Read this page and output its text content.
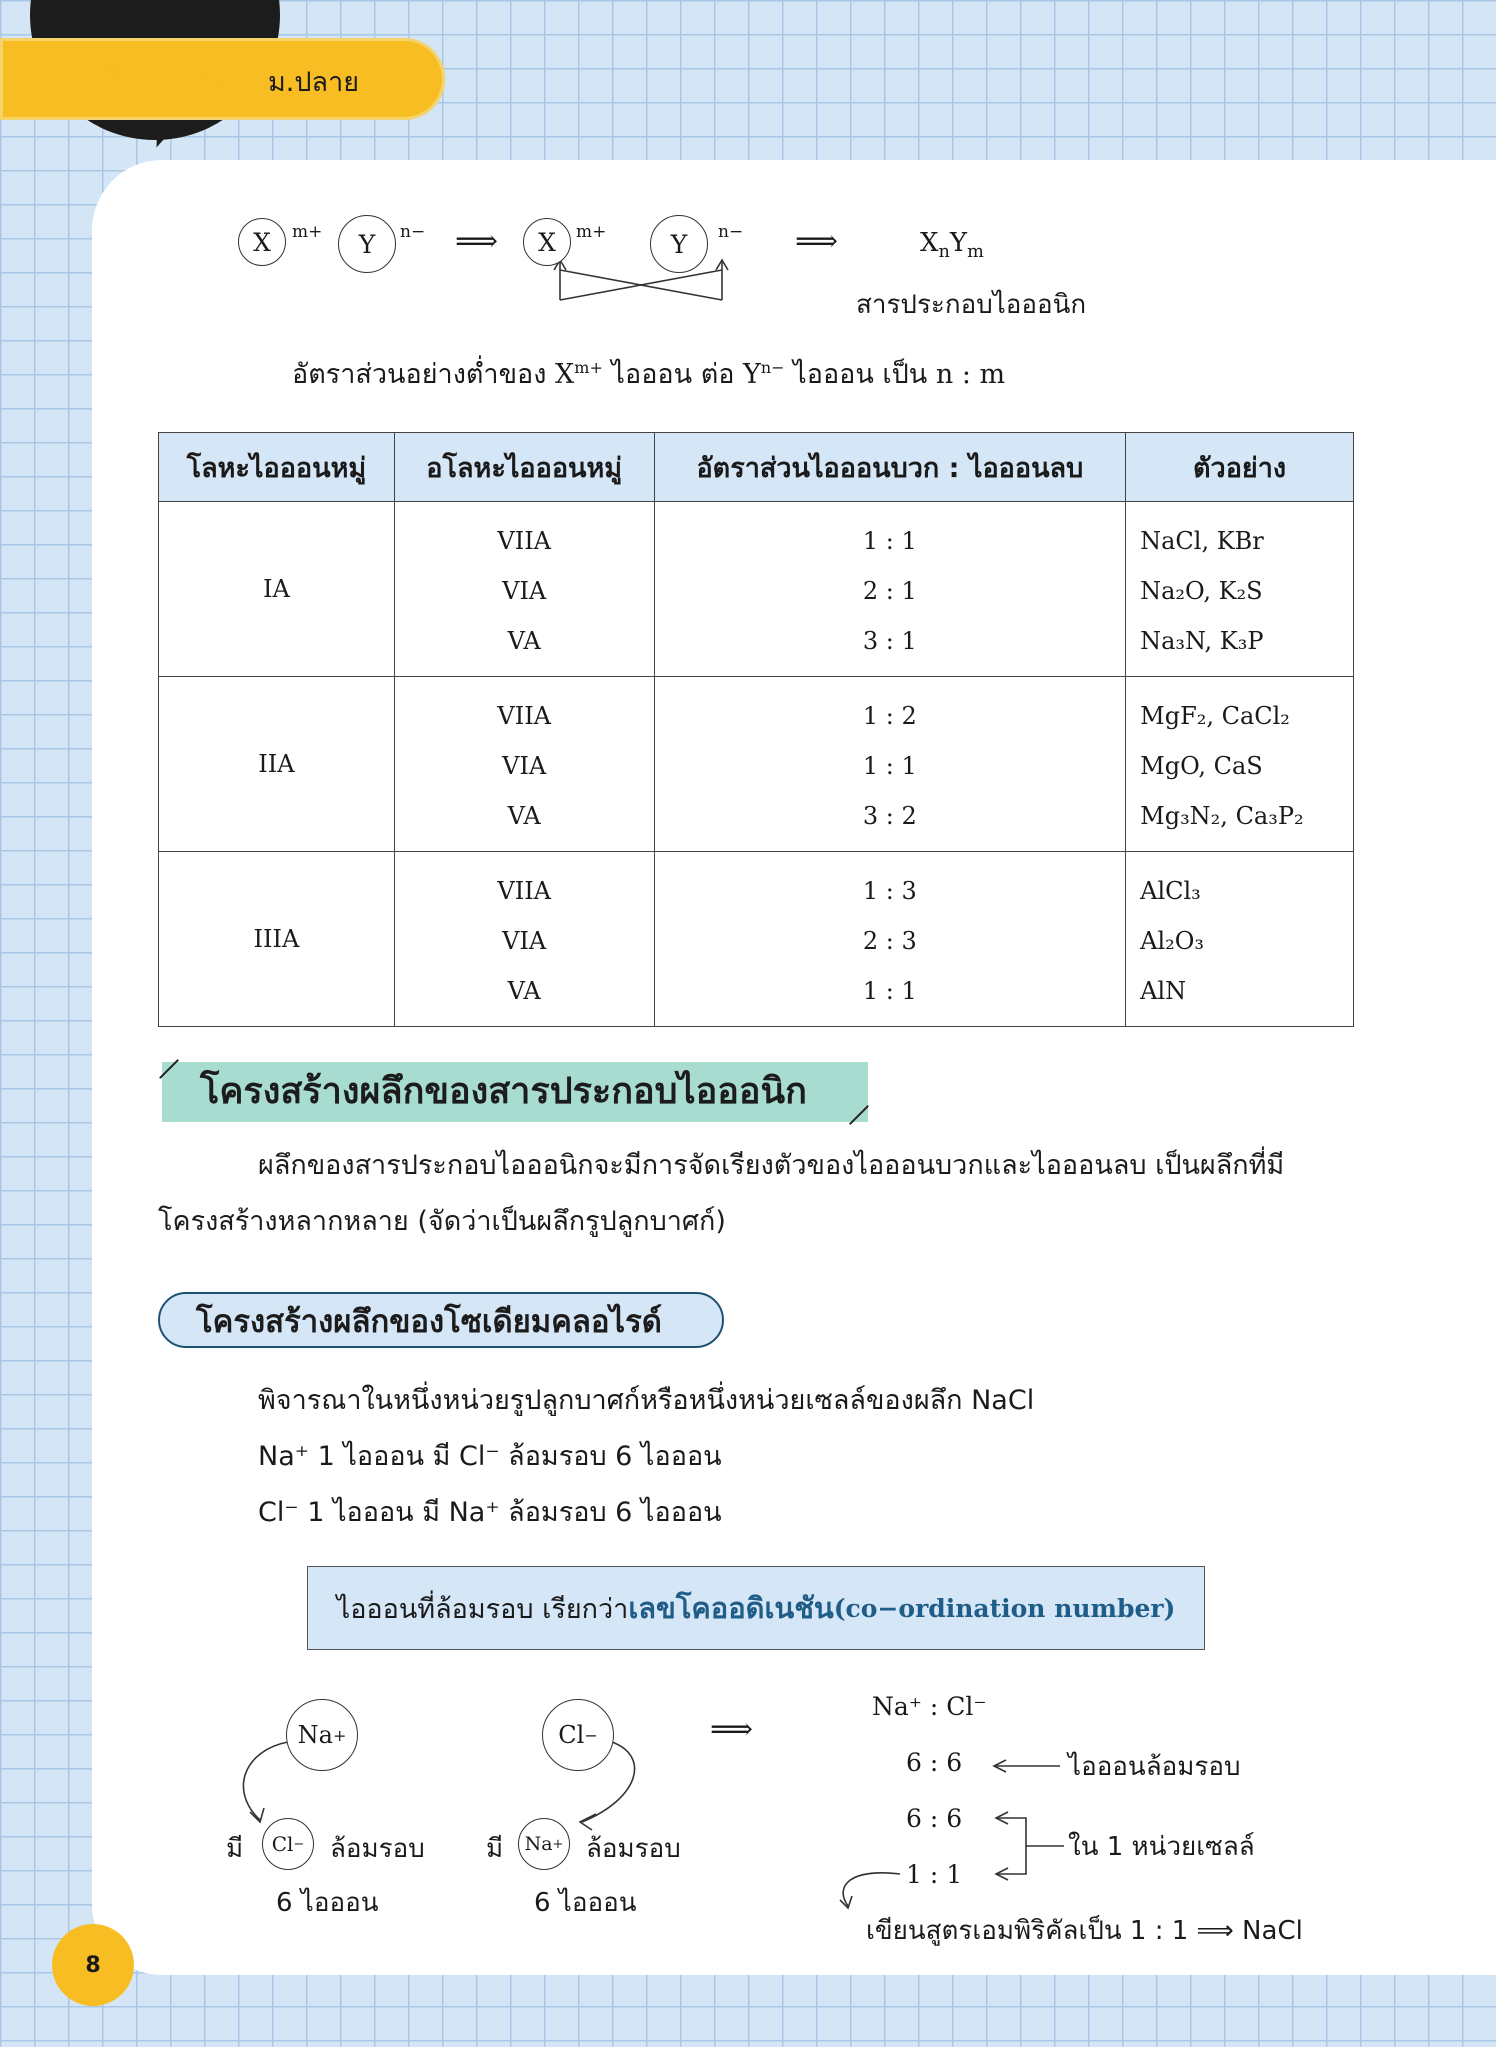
CHEMISTRY ม.ปลาย
X m+ Y n− ⟹ X m+	Y n− ⟹	$X_nY_m$
สารประกอบไอออนิก
อัตราส่วนอย่างต่ำของ $X^{m+}$ ไอออน ต่อ $Y^{n-}$ ไอออน เป็น n : m
โลหะไอออนหมู่	อโลหะไอออนหมู่	อัตราส่วนไอออนบวก : ไอออนลบ	ตัวอย่าง
IA	VIIA	1 : 1	NaCl, KBr
	VIA	2 : 1	Na₂O, K₂S
	VA	3 : 1	Na₃N, K₃P
IIA	VIIA	1 : 2	MgF₂, CaCl₂
	VIA	1 : 1	MgO, CaS
	VA	3 : 2	Mg₃N₂, Ca₃P₂
IIIA	VIIA	1 : 3	AlCl₃
	VIA	2 : 3	Al₂O₃
	VA	1 : 1	AlN
โครงสร้างผลึกของสารประกอบไอออนิก
ผลึกของสารประกอบไอออนิกจะมีการจัดเรียงตัวของไอออนบวกและไอออนลบ เป็นผลึกที่มี
โครงสร้างหลากหลาย (จัดว่าเป็นผลึกรูปลูกบาศก์)
โครงสร้างผลึกของโซเดียมคลอไรด์
พิจารณาในหนึ่งหน่วยรูปลูกบาศก์หรือหนึ่งหน่วยเซลล์ของผลึก NaCl
Na⁺ 1 ไอออน มี Cl⁻ ล้อมรอบ 6 ไอออน
Cl⁻ 1 ไอออน มี Na⁺ ล้อมรอบ 6 ไอออน
ไอออนที่ล้อมรอบ เรียกว่า เลขโคออดิเนชัน (co−ordination number)
Na +	Cl −	⟹
มี Cl − ล้อมรอบ
6 ไอออน
มี Na + ล้อมรอบ
6 ไอออน
Na⁺ : Cl⁻
6 : 6	ไอออนล้อมรอบ
6 : 6
1 : 1
ใน 1 หน่วยเซลล์
เขียนสูตรเอมพิริคัลเป็น 1 : 1 ⟹ NaCl
8
